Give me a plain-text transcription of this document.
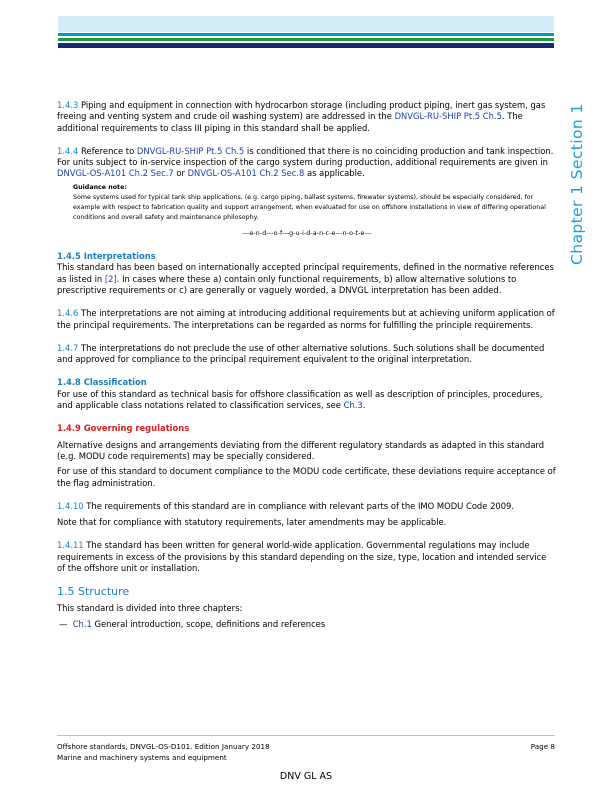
Chapter 1 Section 1

1.4.3 Piping and equipment in connection with hydrocarbon storage (including product piping, inert gas system, gas freeing and venting system and crude oil washing system) are addressed in the DNVGL-RU-SHIP Pt.5 Ch.5. The additional requirements to class III piping in this standard shall be applied.

1.4.4 Reference to DNVGL-RU-SHIP Pt.5 Ch.5 is conditioned that there is no coinciding production and tank inspection. For units subject to in-service inspection of the cargo system during production, additional requirements are given in DNVGL-OS-A101 Ch.2 Sec.7 or DNVGL-OS-A101 Ch.2 Sec.8 as applicable.

Guidance note:
Some systems used for typical tank ship applications, (e.g. cargo piping, ballast systems, firewater systems), should be especially considered, for example with respect to fabrication quality and support arrangement, when evaluated for use on offshore installations in view of differing operational conditions and overall safety and maintenance philosophy.
---e-n-d---o-f---g-u-i-d-a-n-c-e---n-o-t-e---

1.4.5 Interpretations

This standard has been based on internationally accepted principal requirements, defined in the normative references as listed in [2]. In cases where these a) contain only functional requirements, b) allow alternative solutions to prescriptive requirements or c) are generally or vaguely worded, a DNVGL interpretation has been added.

1.4.6 The interpretations are not aiming at introducing additional requirements but at achieving uniform application of the principal requirements. The interpretations can be regarded as norms for fulfilling the principle requirements.

1.4.7 The interpretations do not preclude the use of other alternative solutions. Such solutions shall be documented and approved for compliance to the principal requirement equivalent to the original interpretation.

1.4.8 Classification

For use of this standard as technical basis for offshore classification as well as description of principles, procedures, and applicable class notations related to classification services, see Ch.3.

1.4.9 Governing regulations

Alternative designs and arrangements deviating from the different regulatory standards as adapted in this standard (e.g. MODU code requirements) may be specially considered.

For use of this standard to document compliance to the MODU code certificate, these deviations require acceptance of the flag administration.

1.4.10 The requirements of this standard are in compliance with relevant parts of the IMO MODU Code 2009.

Note that for compliance with statutory requirements, later amendments may be applicable.

1.4.11 The standard has been written for general world-wide application. Governmental regulations may include requirements in excess of the provisions by this standard depending on the size, type, location and intended service of the offshore unit or installation.

1.5 Structure

This standard is divided into three chapters:

— Ch.1 General introduction, scope, definitions and references

Offshore standards, DNVGL-OS-D101. Edition January 2018
Marine and machinery systems and equipment
Page 8
DNV GL AS
